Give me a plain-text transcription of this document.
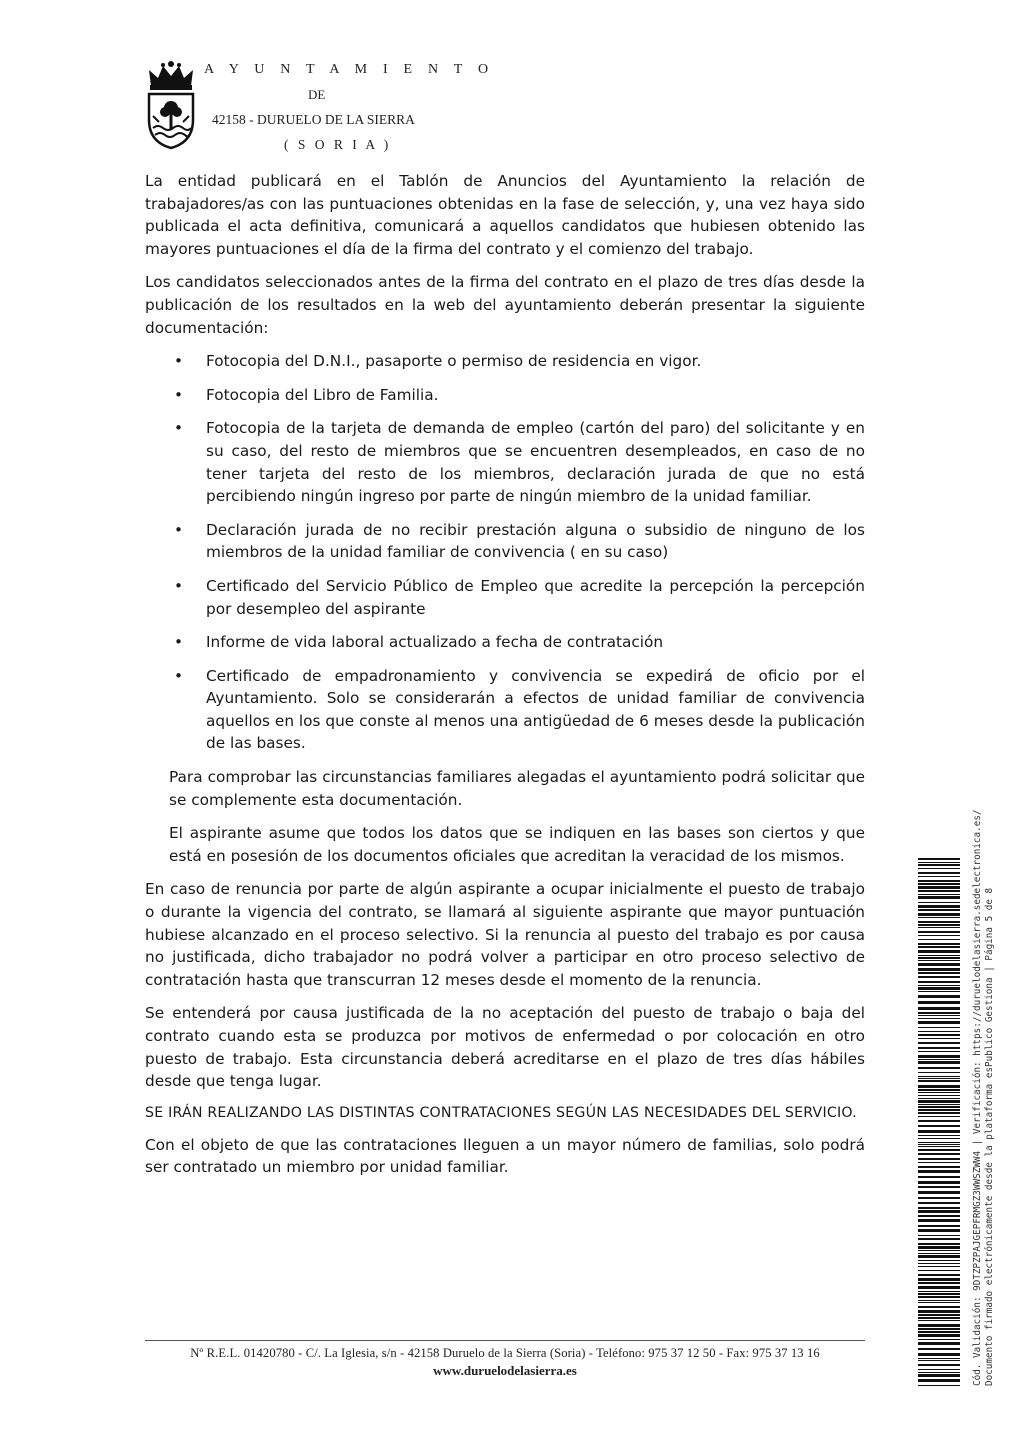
A Y U N T A M I E N T O
DE
42158 - DURUELO DE LA SIERRA
( S O R I A )

La entidad publicará en el Tablón de Anuncios del Ayuntamiento la relación de trabajadores/as con las puntuaciones obtenidas en la fase de selección, y, una vez haya sido publicada el acta definitiva, comunicará a aquellos candidatos que hubiesen obtenido las mayores puntuaciones el día de la firma del contrato y el comienzo del trabajo.

Los candidatos seleccionados antes de la firma del contrato en el plazo de tres días desde la publicación de los resultados en la web del ayuntamiento deberán presentar la siguiente documentación:

• Fotocopia del D.N.I., pasaporte o permiso de residencia en vigor.
• Fotocopia del Libro de Familia.
• Fotocopia de la tarjeta de demanda de empleo (cartón del paro) del solicitante y en su caso, del resto de miembros que se encuentren desempleados, en caso de no tener tarjeta del resto de los miembros, declaración jurada de que no está percibiendo ningún ingreso por parte de ningún miembro de la unidad familiar.
• Declaración jurada de no recibir prestación alguna o subsidio de ninguno de los miembros de la unidad familiar de convivencia ( en su caso)
• Certificado del Servicio Público de Empleo que acredite la percepción la percepción por desempleo del aspirante
• Informe de vida laboral actualizado a fecha de contratación
• Certificado de empadronamiento y convivencia se expedirá de oficio por el Ayuntamiento. Solo se considerarán a efectos de unidad familiar de convivencia aquellos en los que conste al menos una antigüedad de 6 meses desde la publicación de las bases.

Para comprobar las circunstancias familiares alegadas el ayuntamiento podrá solicitar que se complemente esta documentación.

El aspirante asume que todos los datos que se indiquen en las bases son ciertos y que está en posesión de los documentos oficiales que acreditan la veracidad de los mismos.

En caso de renuncia por parte de algún aspirante a ocupar inicialmente el puesto de trabajo o durante la vigencia del contrato, se llamará al siguiente aspirante que mayor puntuación hubiese alcanzado en el proceso selectivo. Si la renuncia al puesto del trabajo es por causa no justificada, dicho trabajador no podrá volver a participar en otro proceso selectivo de contratación hasta que transcurran 12 meses desde el momento de la renuncia.

Se entenderá por causa justificada de la no aceptación del puesto de trabajo o baja del contrato cuando esta se produzca por motivos de enfermedad o por colocación en otro puesto de trabajo. Esta circunstancia deberá acreditarse en el plazo de tres días hábiles desde que tenga lugar.

SE IRÁN REALIZANDO LAS DISTINTAS CONTRATACIONES SEGÚN LAS NECESIDADES DEL SERVICIO.

Con el objeto de que las contrataciones lleguen a un mayor número de familias, solo podrá ser contratado un miembro por unidad familiar.

Nº R.E.L. 01420780 - C/. La Iglesia, s/n - 42158 Duruelo de la Sierra (Soria) - Teléfono: 975 37 12 50 - Fax: 975 37 13 16
www.duruelodelasierra.es	Cód. Validación: 9DTZPZPAJGEPFRMGZ3WWSZWW4 | Verificación: https://duruelodelasierra.sedelectronica.es/ Documento firmado electrónicamente desde la plataforma esPublico Gestiona | Página 5 de 8
